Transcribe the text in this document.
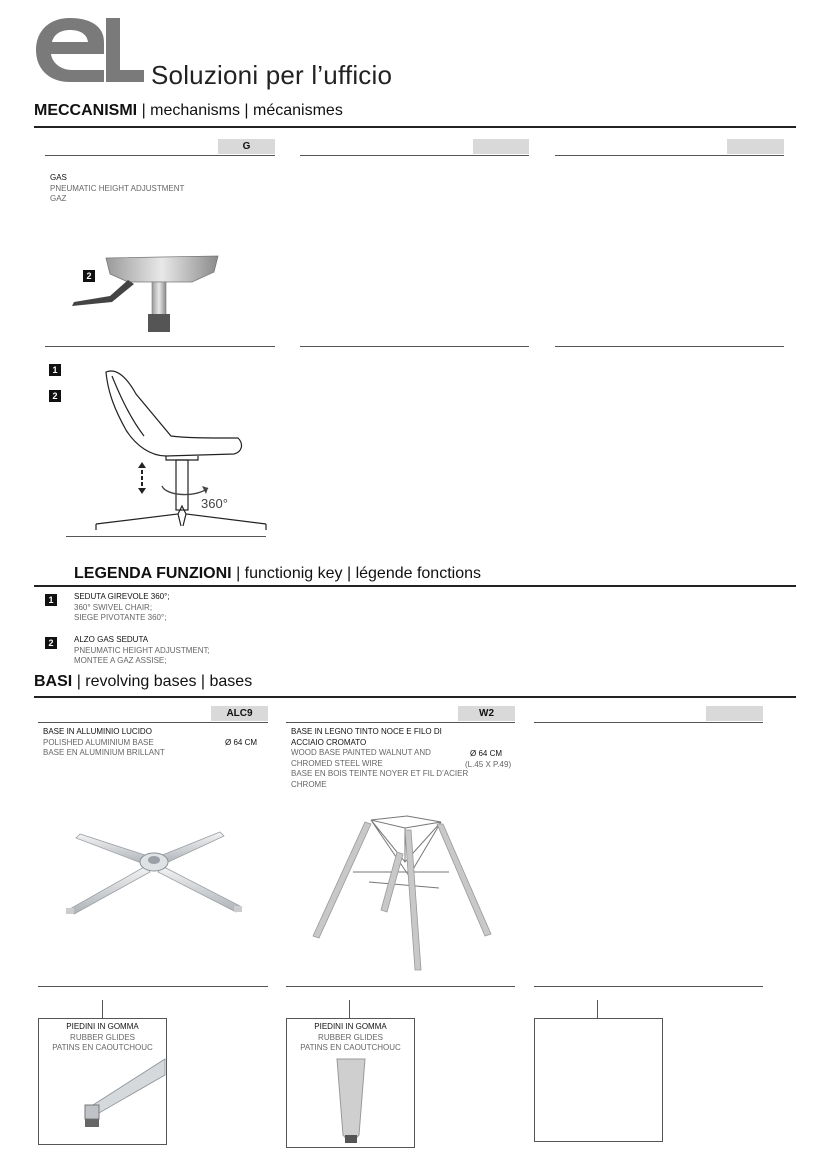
Soluzioni per l’ufficio
MECCANISMI | mechanisms | mécanismes
G
GAS
PNEUMATIC HEIGHT ADJUSTMENT
GAZ
2
1
2
360°
LEGENDA FUNZIONI | functionig key | légende fonctions
1	SEDUTA GIREVOLE 360°;
360° SWIVEL CHAIR;
SIEGE PIVOTANTE 360°;
2	ALZO GAS SEDUTA
PNEUMATIC HEIGHT ADJUSTMENT;
MONTEE A GAZ ASSISE;
BASI | revolving bases | bases
ALC9	W2
BASE IN ALLUMINIO LUCIDO
POLISHED ALUMINIUM BASE
BASE EN ALUMINIUM BRILLANT
Ø 64 CM
BASE IN LEGNO TINTO NOCE E FILO DI
ACCIAIO CROMATO
WOOD BASE PAINTED WALNUT AND
CHROMED STEEL WIRE
BASE EN BOIS TEINTE NOYER ET FIL D’ACIER
CHROME
Ø 64 CM
(L.45 X P.49)
PIEDINI IN GOMMA
RUBBER GLIDES
PATINS EN CAOUTCHOUC
PIEDINI IN GOMMA
RUBBER GLIDES
PATINS EN CAOUTCHOUC
